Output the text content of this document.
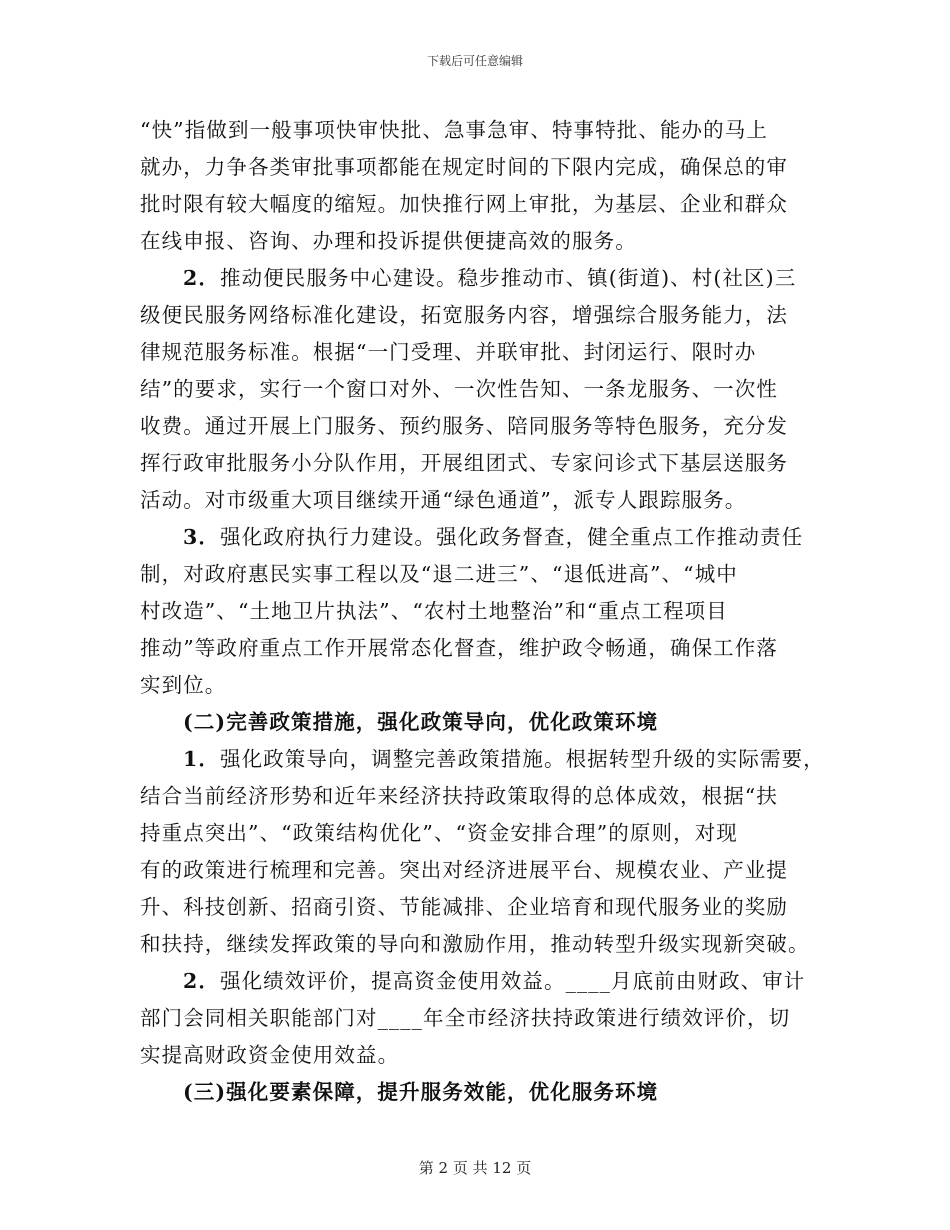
下载后可任意编辑
“快”指做到一般事项快审快批、急事急审、特事特批、能办的马上
就办，力争各类审批事项都能在规定时间的下限内完成，确保总的审
批时限有较大幅度的缩短。加快推行网上审批，为基层、企业和群众
在线申报、咨询、办理和投诉提供便捷高效的服务。
2．推动便民服务中心建设。稳步推动市、镇(街道)、村(社区)三
级便民服务网络标准化建设，拓宽服务内容，增强综合服务能力，法
律规范服务标准。根据“一门受理、并联审批、封闭运行、限时办
结”的要求，实行一个窗口对外、一次性告知、一条龙服务、一次性
收费。通过开展上门服务、预约服务、陪同服务等特色服务，充分发
挥行政审批服务小分队作用，开展组团式、专家问诊式下基层送服务
活动。对市级重大项目继续开通“绿色通道”，派专人跟踪服务。
3．强化政府执行力建设。强化政务督查，健全重点工作推动责任
制，对政府惠民实事工程以及“退二进三”、“退低进高”、“城中
村改造”、“土地卫片执法”、“农村土地整治”和“重点工程项目
推动”等政府重点工作开展常态化督查，维护政令畅通，确保工作落
实到位。
(二)完善政策措施，强化政策导向，优化政策环境
1．强化政策导向，调整完善政策措施。根据转型升级的实际需要，
结合当前经济形势和近年来经济扶持政策取得的总体成效，根据“扶
持重点突出”、“政策结构优化”、“资金安排合理”的原则，对现
有的政策进行梳理和完善。突出对经济进展平台、规模农业、产业提
升、科技创新、招商引资、节能减排、企业培育和现代服务业的奖励
和扶持，继续发挥政策的导向和激励作用，推动转型升级实现新突破。
2．强化绩效评价，提高资金使用效益。____月底前由财政、审计
部门会同相关职能部门对____年全市经济扶持政策进行绩效评价，切
实提高财政资金使用效益。
(三)强化要素保障，提升服务效能，优化服务环境
第 2 页 共 12 页
